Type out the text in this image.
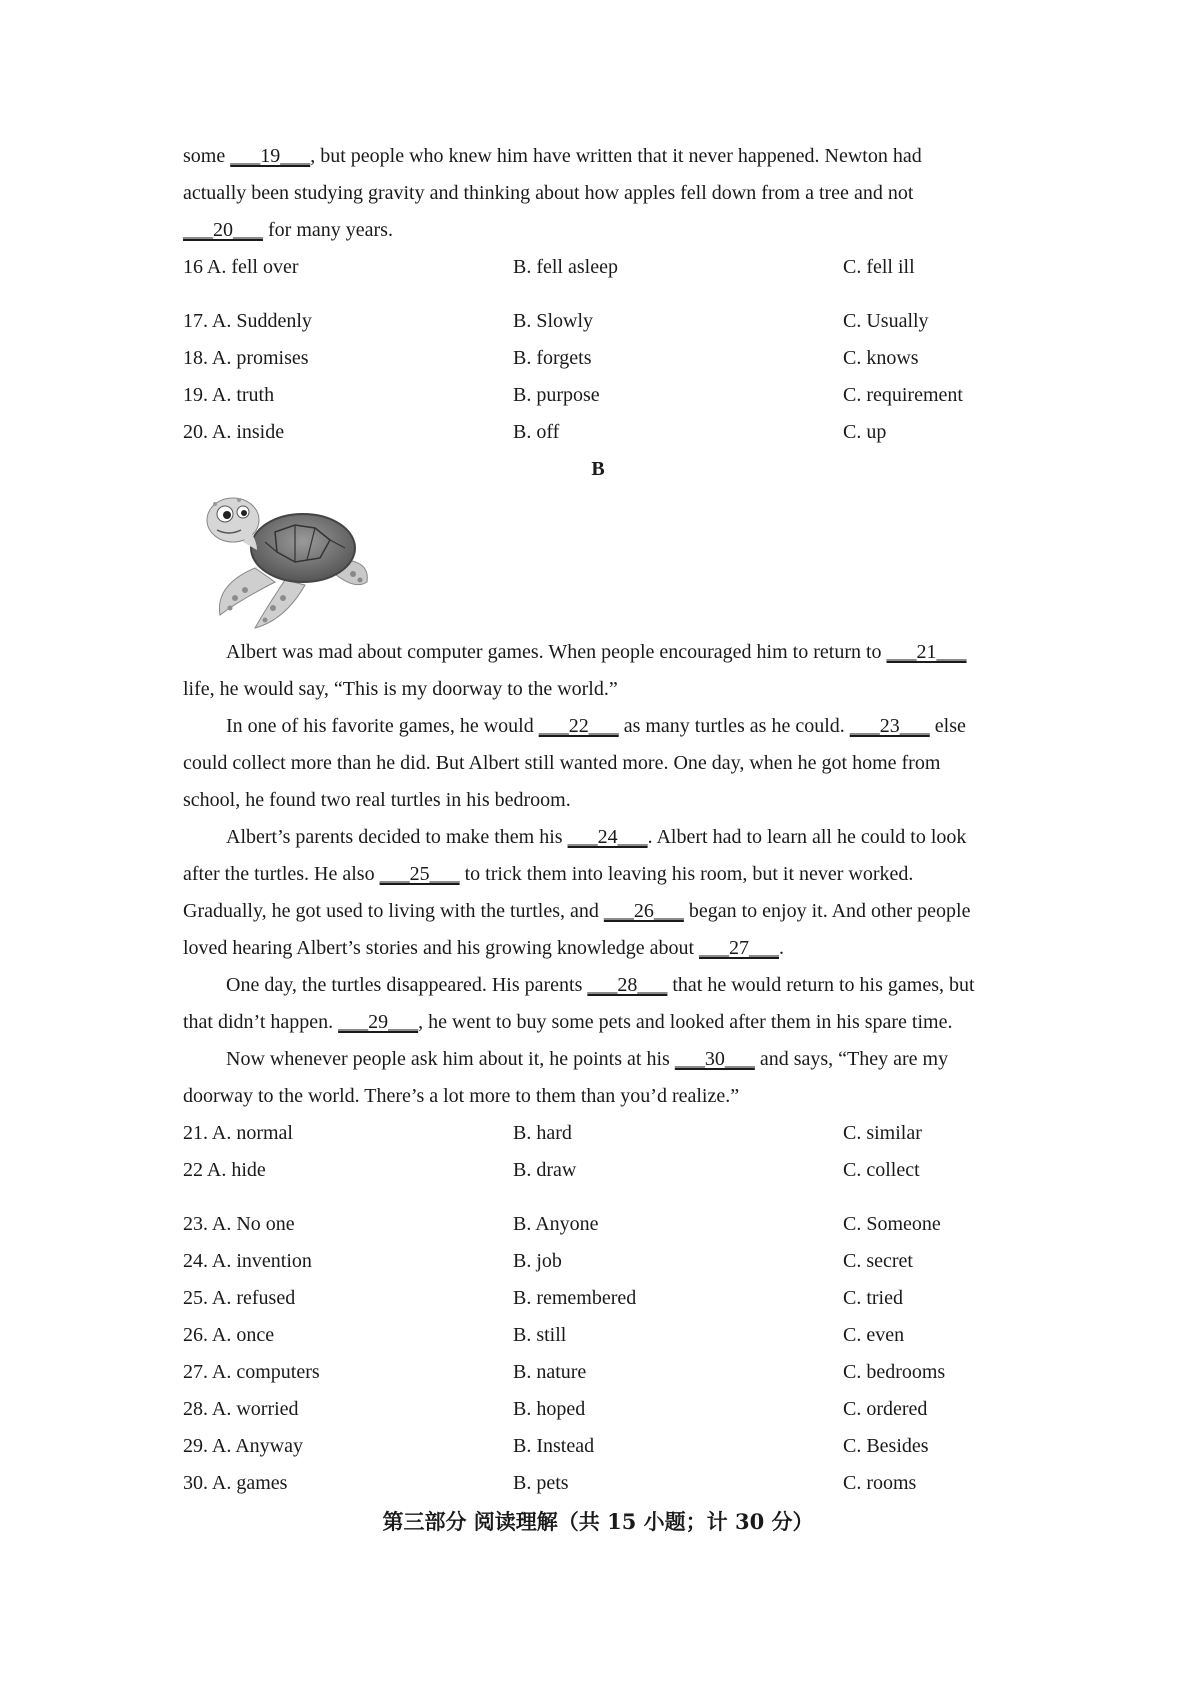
some ___19___, but people who knew him have written that it never happened. Newton had
actually been studying gravity and thinking about how apples fell down from a tree and not
___20___ for many years.
16 A. fell over	B. fell asleep	C. fell ill
17. A. Suddenly	B. Slowly	C. Usually
18. A. promises	B. forgets	C. knows
19. A. truth	B. purpose	C. requirement
20. A. inside	B. off	C. up
B
Albert was mad about computer games. When people encouraged him to return to ___21___
life, he would say, “This is my doorway to the world.”
In one of his favorite games, he would ___22___ as many turtles as he could. ___23___ else
could collect more than he did. But Albert still wanted more. One day, when he got home from
school, he found two real turtles in his bedroom.
Albert’s parents decided to make them his ___24___. Albert had to learn all he could to look
after the turtles. He also ___25___ to trick them into leaving his room, but it never worked.
Gradually, he got used to living with the turtles, and ___26___ began to enjoy it. And other people
loved hearing Albert’s stories and his growing knowledge about ___27___.
One day, the turtles disappeared. His parents ___28___ that he would return to his games, but
that didn’t happen. ___29___, he went to buy some pets and looked after them in his spare time.
Now whenever people ask him about it, he points at his ___30___ and says, “They are my
doorway to the world. There’s a lot more to them than you’d realize.”
21. A. normal	B. hard	C. similar
22 A. hide	B. draw	C. collect
23. A. No one	B. Anyone	C. Someone
24. A. invention	B. job	C. secret
25. A. refused	B. remembered	C. tried
26. A. once	B. still	C. even
27. A. computers	B. nature	C. bedrooms
28. A. worried	B. hoped	C. ordered
29. A. Anyway	B. Instead	C. Besides
30. A. games	B. pets	C. rooms
第三部分 阅读理解（共 15 小题；计 30 分）
